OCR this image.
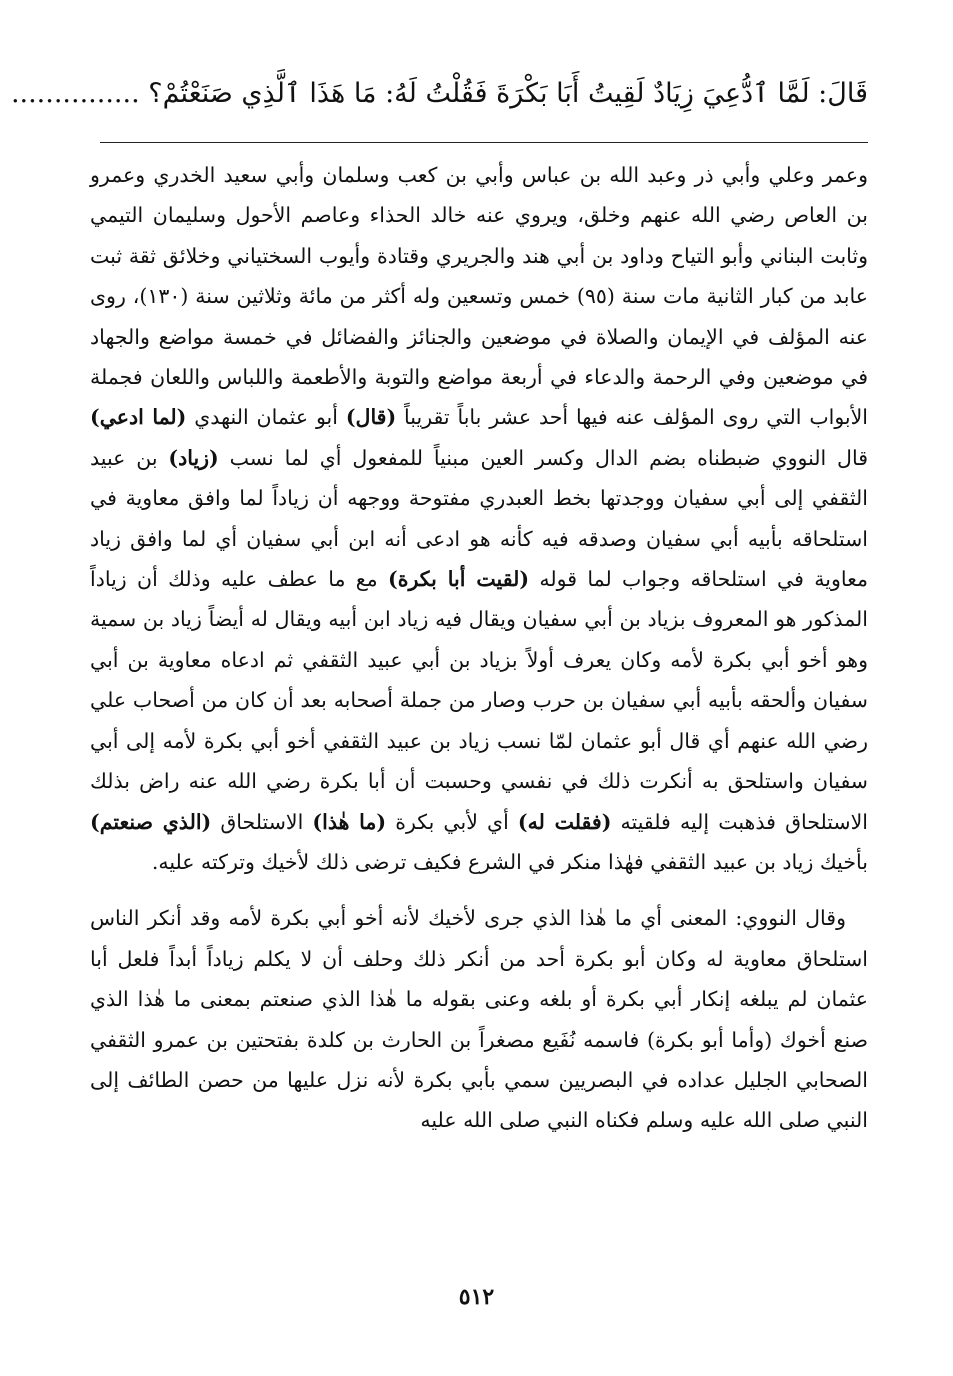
قَالَ: لَمَّا ٱدُّعِيَ زِيَادٌ لَقِيتُ أَبَا بَكْرَةَ فَقُلْتُ لَهُ: مَا هَذَا ٱلَّذِي صَنَعْتُمْ؟ ...............

وعمر وعلي وأبي ذر وعبد الله بن عباس وأبي بن كعب وسلمان وأبي سعيد الخدري وعمرو بن العاص رضي الله عنهم وخلق، ويروي عنه خالد الحذاء وعاصم الأحول وسليمان التيمي وثابت البناني وأبو التياح وداود بن أبي هند والجريري وقتادة وأيوب السختياني وخلائق ثقة ثبت عابد من كبار الثانية مات سنة (٩٥) خمس وتسعين وله أكثر من مائة وثلاثين سنة (١٣٠)، روى عنه المؤلف في الإيمان والصلاة في موضعين والجنائز والفضائل في خمسة مواضع والجهاد في موضعين وفي الرحمة والدعاء في أربعة مواضع والتوبة والأطعمة واللباس واللعان فجملة الأبواب التي روى المؤلف عنه فيها أحد عشر باباً تقريباً (قال) أبو عثمان النهدي (لما ادعي) قال النووي ضبطناه بضم الدال وكسر العين مبنياً للمفعول أي لما نسب (زياد) بن عبيد الثقفي إلى أبي سفيان ووجدتها بخط العبدري مفتوحة ووجهه أن زياداً لما وافق معاوية في استلحاقه بأبيه أبي سفيان وصدقه فيه كأنه هو ادعى أنه ابن أبي سفيان أي لما وافق زياد معاوية في استلحاقه وجواب لما قوله (لقيت أبا بكرة) مع ما عطف عليه وذلك أن زياداً المذكور هو المعروف بزياد بن أبي سفيان ويقال فيه زياد ابن أبيه ويقال له أيضاً زياد بن سمية وهو أخو أبي بكرة لأمه وكان يعرف أولاً بزياد بن أبي عبيد الثقفي ثم ادعاه معاوية بن أبي سفيان وألحقه بأبيه أبي سفيان بن حرب وصار من جملة أصحابه بعد أن كان من أصحاب علي رضي الله عنهم أي قال أبو عثمان لمّا نسب زياد بن عبيد الثقفي أخو أبي بكرة لأمه إلى أبي سفيان واستلحق به أنكرت ذلك في نفسي وحسبت أن أبا بكرة رضي الله عنه راض بذلك الاستلحاق فذهبت إليه فلقيته (فقلت له) أي لأبي بكرة (ما هٰذا) الاستلحاق (الذي صنعتم) بأخيك زياد بن عبيد الثقفي فهٰذا منكر في الشرع فكيف ترضى ذلك لأخيك وتركته عليه.

وقال النووي: المعنى أي ما هٰذا الذي جرى لأخيك لأنه أخو أبي بكرة لأمه وقد أنكر الناس استلحاق معاوية له وكان أبو بكرة أحد من أنكر ذلك وحلف أن لا يكلم زياداً أبداً فلعل أبا عثمان لم يبلغه إنكار أبي بكرة أو بلغه وعنى بقوله ما هٰذا الذي صنعتم بمعنى ما هٰذا الذي صنع أخوك (وأما أبو بكرة) فاسمه نُفَيع مصغراً بن الحارث بن كلدة بفتحتين بن عمرو الثقفي الصحابي الجليل عداده في البصريين سمي بأبي بكرة لأنه نزل عليها من حصن الطائف إلى النبي صلى الله عليه وسلم فكناه النبي صلى الله عليه

٥١٢
